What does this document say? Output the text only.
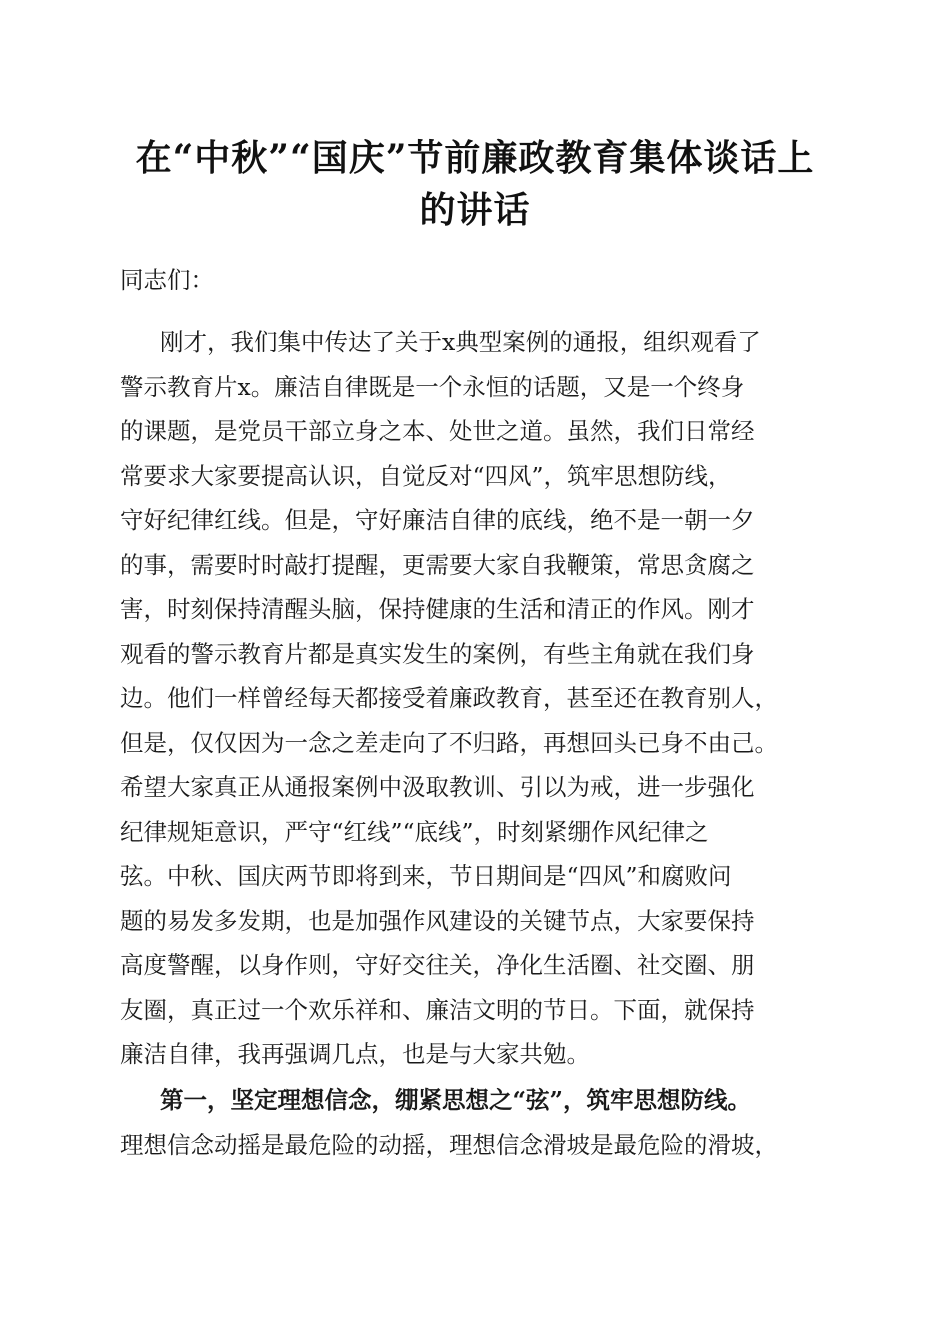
在“中秋”“国庆”节前廉政教育集体谈话上
的讲话

同志们：

刚才，我们集中传达了关于x典型案例的通报，组织观看了
警示教育片x。廉洁自律既是一个永恒的话题，又是一个终身
的课题，是党员干部立身之本、处世之道。虽然，我们日常经
常要求大家要提高认识，自觉反对“四风”，筑牢思想防线，
守好纪律红线。但是，守好廉洁自律的底线，绝不是一朝一夕
的事，需要时时敲打提醒，更需要大家自我鞭策，常思贪腐之
害，时刻保持清醒头脑，保持健康的生活和清正的作风。刚才
观看的警示教育片都是真实发生的案例，有些主角就在我们身
边。他们一样曾经每天都接受着廉政教育，甚至还在教育别人，
但是，仅仅因为一念之差走向了不归路，再想回头已身不由己。
希望大家真正从通报案例中汲取教训、引以为戒，进一步强化
纪律规矩意识，严守“红线”“底线”，时刻紧绷作风纪律之
弦。中秋、国庆两节即将到来，节日期间是“四风”和腐败问
题的易发多发期，也是加强作风建设的关键节点，大家要保持
高度警醒，以身作则，守好交往关，净化生活圈、社交圈、朋
友圈，真正过一个欢乐祥和、廉洁文明的节日。下面，就保持
廉洁自律，我再强调几点，也是与大家共勉。
第一，坚定理想信念，绷紧思想之“弦”，筑牢思想防线。
理想信念动摇是最危险的动摇，理想信念滑坡是最危险的滑坡，
